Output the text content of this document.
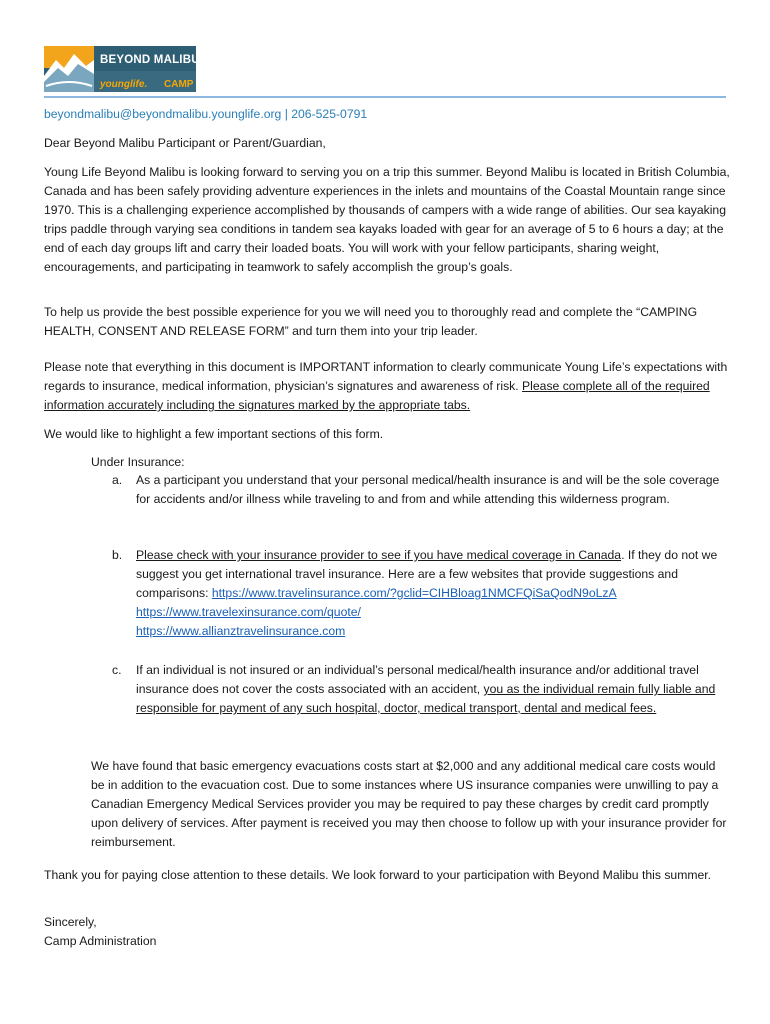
BEYOND MALIBU.
younglife. CAMP
beyondmalibu@beyondmalibu.younglife.org | 206-525-0791

Dear Beyond Malibu Participant or Parent/Guardian,

Young Life Beyond Malibu is looking forward to serving you on a trip this summer. Beyond Malibu is located in British Columbia, Canada and has been safely providing adventure experiences in the inlets and mountains of the Coastal Mountain range since 1970. This is a challenging experience accomplished by thousands of campers with a wide range of abilities. Our sea kayaking trips paddle through varying sea conditions in tandem sea kayaks loaded with gear for an average of 5 to 6 hours a day; at the end of each day groups lift and carry their loaded boats. You will work with your fellow participants, sharing weight, encouragements, and participating in teamwork to safely accomplish the group’s goals.

To help us provide the best possible experience for you we will need you to thoroughly read and complete the “CAMPING HEALTH, CONSENT AND RELEASE FORM” and turn them into your trip leader.

Please note that everything in this document is IMPORTANT information to clearly communicate Young Life’s expectations with regards to insurance, medical information, physician’s signatures and awareness of risk. Please complete all of the required information accurately including the signatures marked by the appropriate tabs.

We would like to highlight a few important sections of this form.

Under Insurance:

a.	As a participant you understand that your personal medical/health insurance is and will be the sole coverage for accidents and/or illness while traveling to and from and while attending this wilderness program.

b.	Please check with your insurance provider to see if you have medical coverage in Canada. If they do not we suggest you get international travel insurance. Here are a few websites that provide suggestions and comparisons: https://www.travelinsurance.com/?gclid=CIHBloag1NMCFQiSaQodN9oLzA
https://www.travelexinsurance.com/quote/
https://www.allianztravelinsurance.com

c.	If an individual is not insured or an individual’s personal medical/health insurance and/or additional travel insurance does not cover the costs associated with an accident, you as the individual remain fully liable and responsible for payment of any such hospital, doctor, medical transport, dental and medical fees.

We have found that basic emergency evacuations costs start at $2,000 and any additional medical care costs would be in addition to the evacuation cost. Due to some instances where US insurance companies were unwilling to pay a Canadian Emergency Medical Services provider you may be required to pay these charges by credit card promptly upon delivery of services. After payment is received you may then choose to follow up with your insurance provider for reimbursement.

Thank you for paying close attention to these details. We look forward to your participation with Beyond Malibu this summer.

Sincerely,

Camp Administration
